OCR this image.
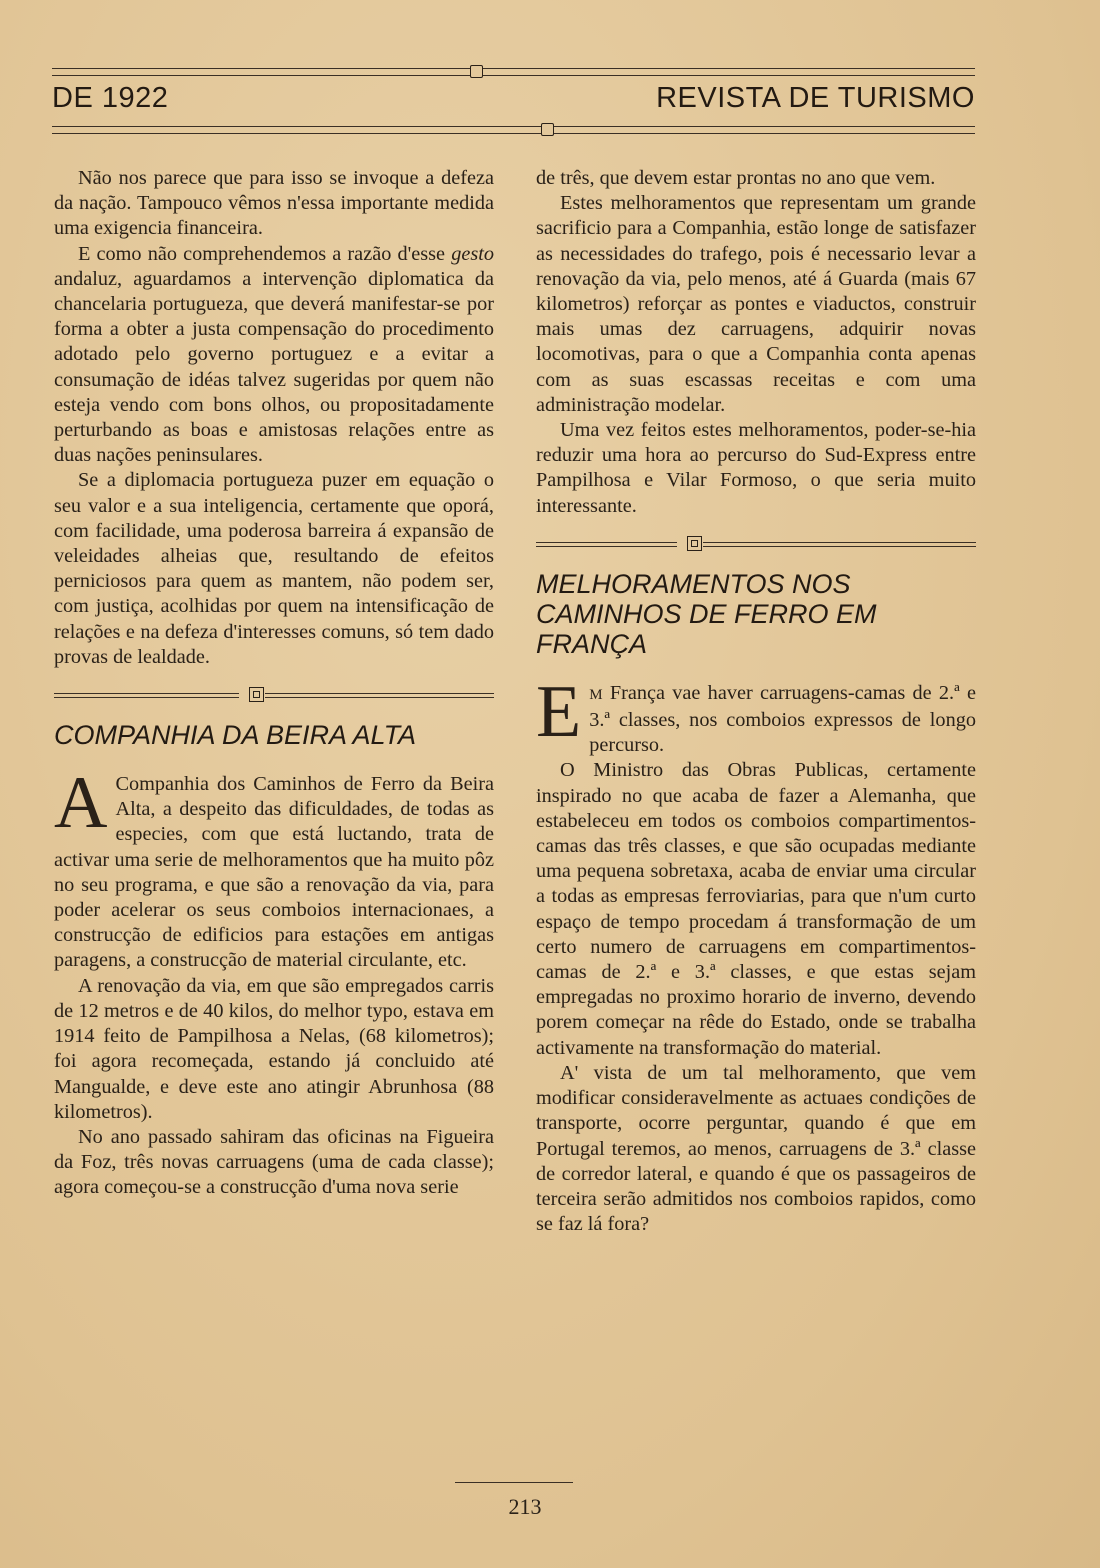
DE 1922	REVISTA DE TURISMO

Não nos parece que para isso se invoque a defeza da nação. Tampouco vêmos n'essa importante medida uma exigencia financeira.

E como não comprehendemos a razão d'esse gesto andaluz, aguardamos a intervenção diplomatica da chancelaria portugueza, que deverá manifestar-se por forma a obter a justa compensação do procedimento adotado pelo governo portuguez e a evitar a consumação de idéas talvez sugeridas por quem não esteja vendo com bons olhos, ou propositadamente perturbando as boas e amistosas relações entre as duas nações peninsulares.

Se a diplomacia portugueza puzer em equação o seu valor e a sua inteligencia, certamente que oporá, com facilidade, uma poderosa barreira á expansão de veleidades alheias que, resultando de efeitos perniciosos para quem as mantem, não podem ser, com justiça, acolhidas por quem na intensificação de relações e na defeza d'interesses comuns, só tem dado provas de lealdade.

COMPANHIA DA BEIRA ALTA

A Companhia dos Caminhos de Ferro da Beira Alta, a despeito das dificuldades, de todas as especies, com que está luctando, trata de activar uma serie de melhoramentos que ha muito pôz no seu programa, e que são a renovação da via, para poder acelerar os seus comboios internacionaes, a construcção de edificios para estações em antigas paragens, a construcção de material circulante, etc.

A renovação da via, em que são empregados carris de 12 metros e de 40 kilos, do melhor typo, estava em 1914 feito de Pampilhosa a Nelas, (68 kilometros); foi agora recomeçada, estando já concluido até Mangualde, e deve este ano atingir Abrunhosa (88 kilometros).

No ano passado sahiram das oficinas na Figueira da Foz, três novas carruagens (uma de cada classe); agora começou-se a construcção d'uma nova serie

de três, que devem estar prontas no ano que vem.

Estes melhoramentos que representam um grande sacrificio para a Companhia, estão longe de satisfazer as necessidades do trafego, pois é necessario levar a renovação da via, pelo menos, até á Guarda (mais 67 kilometros) reforçar as pontes e viaductos, construir mais umas dez carruagens, adquirir novas locomotivas, para o que a Companhia conta apenas com as suas escassas receitas e com uma administração modelar.

Uma vez feitos estes melhoramentos, poder-se-hia reduzir uma hora ao percurso do Sud-Express entre Pampilhosa e Vilar Formoso, o que seria muito interessante.

MELHORAMENTOS NOS CAMINHOS DE FERRO EM FRANÇA

E M França vae haver carruagens-camas de 2.ª e 3.ª classes, nos comboios expressos de longo percurso.

O Ministro das Obras Publicas, certamente inspirado no que acaba de fazer a Alemanha, que estabeleceu em todos os comboios compartimentos-camas das três classes, e que são ocupadas mediante uma pequena sobretaxa, acaba de enviar uma circular a todas as empresas ferroviarias, para que n'um curto espaço de tempo procedam á transformação de um certo numero de carruagens em compartimentos-camas de 2.ª e 3.ª classes, e que estas sejam empregadas no proximo horario de inverno, devendo porem começar na rêde do Estado, onde se trabalha activamente na transformação do material.

A' vista de um tal melhoramento, que vem modificar consideravelmente as actuaes condições de transporte, ocorre perguntar, quando é que em Portugal teremos, ao menos, carruagens de 3.ª classe de corredor lateral, e quando é que os passageiros de terceira serão admitidos nos comboios rapidos, como se faz lá fora?

213
